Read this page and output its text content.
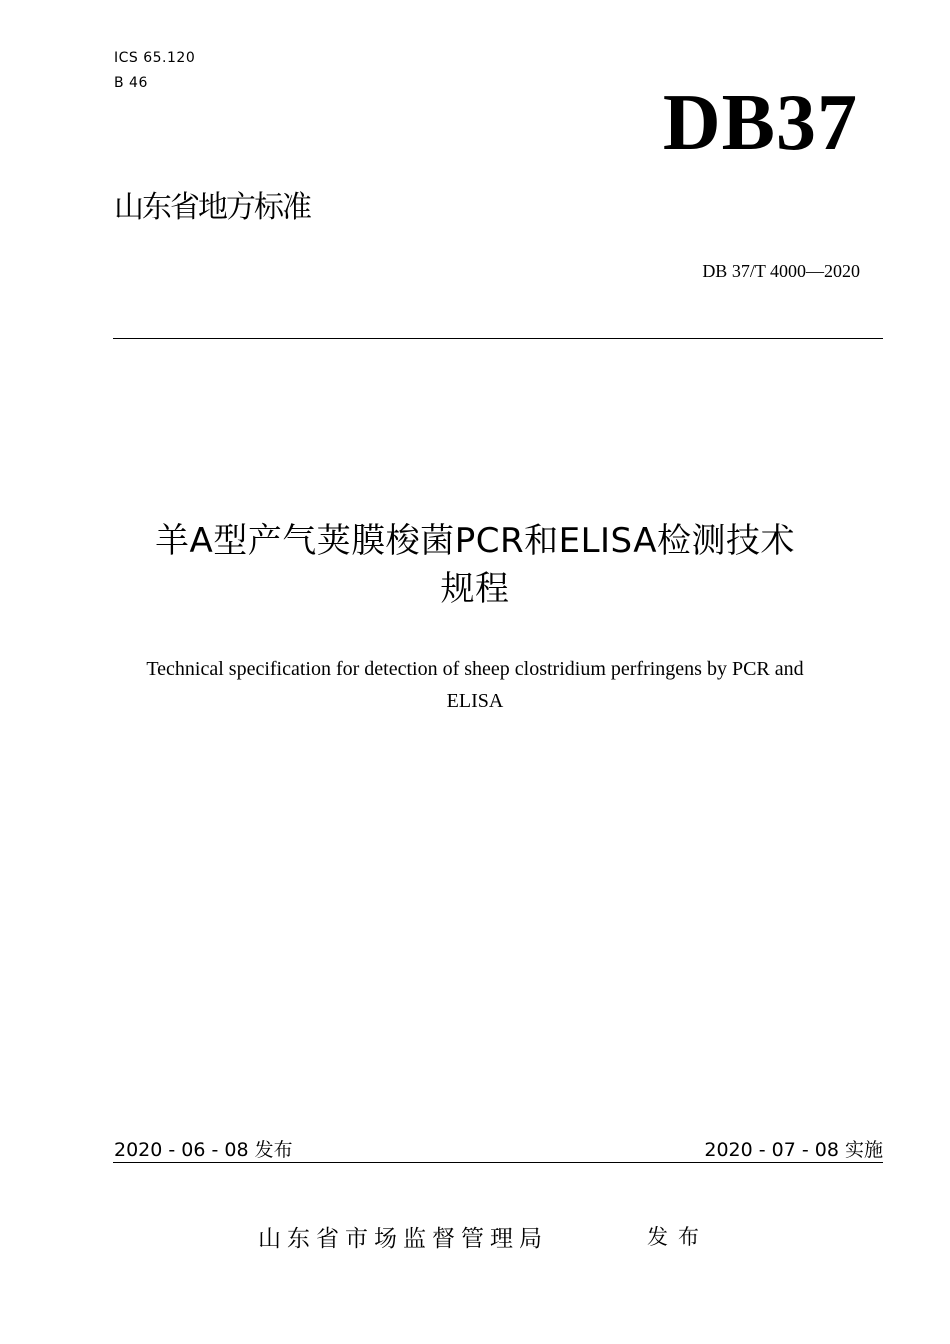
ICS 65.120
B 46	DB37
山东省地方标准
DB 37/T 4000—2020
羊A型产气荚膜梭菌PCR和ELISA检测技术
规程
Technical specification for detection of sheep clostridium perfringens by PCR and
ELISA
2020 - 06 - 08 发布	2020 - 07 - 08 实施
山东省市场监督管理局	发布
